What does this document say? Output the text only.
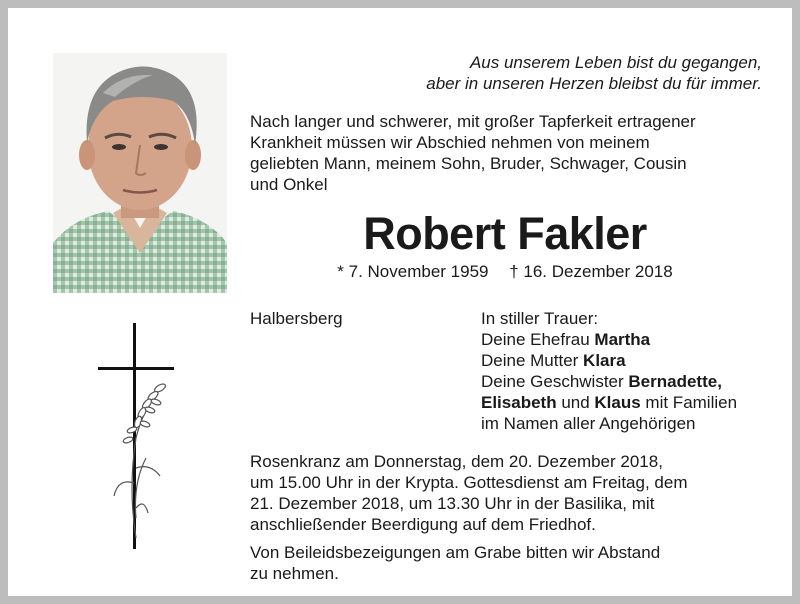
Aus unserem Leben bist du gegangen,
aber in unseren Herzen bleibst du für immer.
Nach langer und schwerer, mit großer Tapferkeit ertragener
Krankheit müssen wir Abschied nehmen von meinem
geliebten Mann, meinem Sohn, Bruder, Schwager, Cousin
und Onkel
Robert Fakler
* 7. November 1959 † 16. Dezember 2018
Halbersberg	In stiller Trauer:
Deine Ehefrau Martha
Deine Mutter Klara
Deine Geschwister Bernadette,
Elisabeth und Klaus mit Familien
im Namen aller Angehörigen
Rosenkranz am Donnerstag, dem 20. Dezember 2018,
um 15.00 Uhr in der Krypta. Gottesdienst am Freitag, dem
21. Dezember 2018, um 13.30 Uhr in der Basilika, mit
anschließender Beerdigung auf dem Friedhof.
Von Beileidsbezeigungen am Grabe bitten wir Abstand
zu nehmen.
